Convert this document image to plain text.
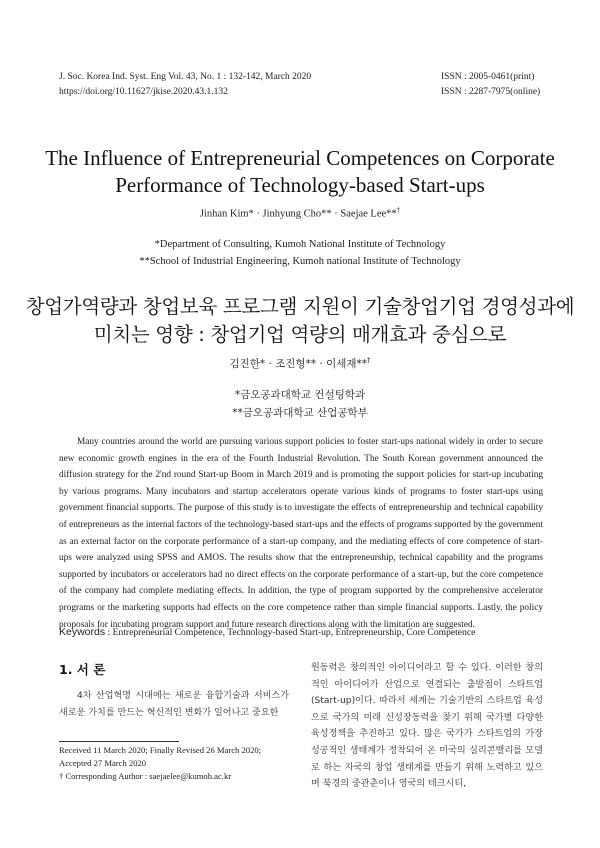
J. Soc. Korea Ind. Syst. Eng Vol. 43, No. 1 : 132-142, March 2020
https://doi.org/10.11627/jkise.2020.43.1.132
ISSN : 2005-0461(print)
ISSN : 2287-7975(online)
The Influence of Entrepreneurial Competences on Corporate
Performance of Technology-based Start-ups
Jinhan Kim* · Jinhyung Cho** · Saejae Lee**†
*Department of Consulting, Kumoh National Institute of Technology
**School of Industrial Engineering, Kumoh national Institute of Technology
창업가역량과 창업보육 프로그램 지원이 기술창업기업 경영성과에
미치는 영향 : 창업기업 역량의 매개효과 중심으로
김진한* · 조진형** · 이세재**†
*금오공과대학교 컨설팅학과
**금오공과대학교 산업공학부
Many countries around the world are pursuing various support policies to foster start-ups national widely in order to secure new economic growth engines in the era of the Fourth Industrial Revolution. The South Korean government announced the diffusion strategy for the 2'nd round Start-up Boom in March 2019 and is promoting the support policies for start-up incubating by various programs. Many incubators and startup accelerators operate various kinds of programs to foster start-ups using government financial supports. The purpose of this study is to investigate the effects of entrepreneurship and technical capability of entrepreneurs as the internal factors of the technology-based start-ups and the effects of programs supported by the government as an external factor on the corporate performance of a start-up company, and the mediating effects of core competence of start-ups were analyzed using SPSS and AMOS. The results show that the entrepreneurship, technical capability and the programs supported by incubators or accelerators had no direct effects on the corporate performance of a start-up, but the core competence of the company had complete mediating effects. In addition, the type of program supported by the comprehensive accelerator programs or the marketing supports had effects on the core competence rather than simple financial supports. Lastly, the policy proposals for incubating program support and future research directions along with the limitation are suggested.
Keywords : Entrepreneurial Competence, Technology-based Start-up, Entrepreneurship, Core Competence
1. 서 론
4차 산업혁명 시대에는 새로운 융합기술과 서비스가 새로운 가치를 만드는 혁신적인 변화가 일어나고 중요한
Received 11 March 2020; Finally Revised 26 March 2020;
Accepted 27 March 2020
† Corresponding Author : saejaelee@kumoh.ac.kr
원동력은 창의적인 아이디어라고 할 수 있다. 이러한 창의적인 아이디어가 산업으로 연결되는 출발점이 스타트업(Start-up)이다. 따라서 세계는 기술기반의 스타트업 육성으로 국가의 미래 신성장동력을 찾기 위해 국가별 다양한 육성정책을 추진하고 있다. 많은 국가가 스타트업의 가장 성공적인 생태계가 정착되어 온 미국의 실리콘밸리를 모델로 하는 자국의 창업 생태계를 만들기 위해 노력하고 있으며 북경의 중관춘이나 영국의 테크시티,
